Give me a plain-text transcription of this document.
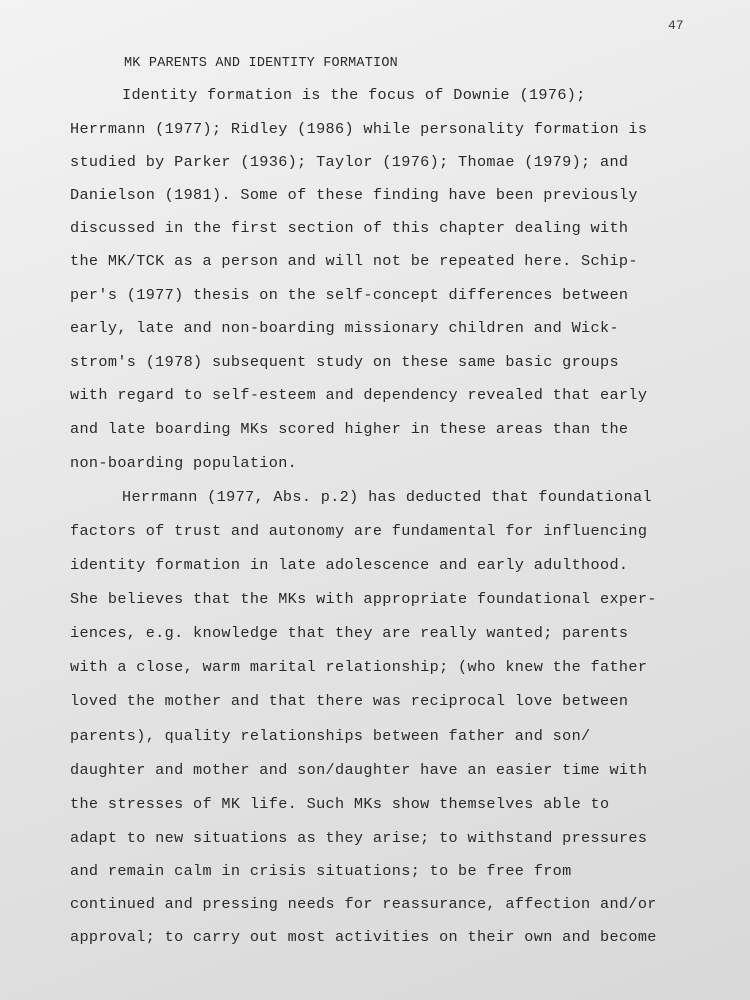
47
MK PARENTS AND IDENTITY FORMATION
Identity formation is the focus of Downie (1976);
Herrmann (1977); Ridley (1986) while personality formation is
studied by Parker (1936); Taylor (1976); Thomae (1979); and
Danielson (1981). Some of these finding have been previously
discussed in the first section of this chapter dealing with
the MK/TCK as a person and will not be repeated here. Schip-
per's (1977) thesis on the self-concept differences between
early, late and non-boarding missionary children and Wick-
strom's (1978) subsequent study on these same basic groups
with regard to self-esteem and dependency revealed that early
and late boarding MKs scored higher in these areas than the
non-boarding population.
Herrmann (1977, Abs. p.2) has deducted that foundational
factors of trust and autonomy are fundamental for influencing
identity formation in late adolescence and early adulthood.
She believes that the MKs with appropriate foundational exper-
iences, e.g. knowledge that they are really wanted; parents
with a close, warm marital relationship; (who knew the father
loved the mother and that there was reciprocal love between
parents), quality relationships between father and son/
daughter and mother and son/daughter have an easier time with
the stresses of MK life. Such MKs show themselves able to
adapt to new situations as they arise; to withstand pressures
and remain calm in crisis situations; to be free from
continued and pressing needs for reassurance, affection and/or
approval; to carry out most activities on their own and become
